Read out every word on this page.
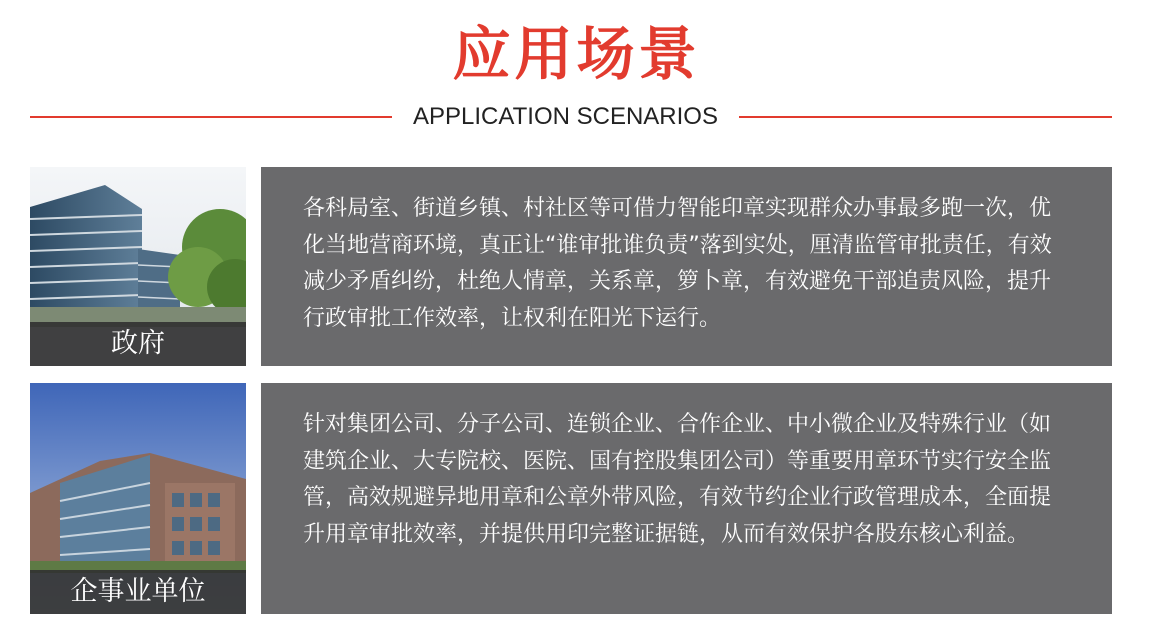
应用场景
APPLICATION SCENARIOS
政府
各科局室、街道乡镇、村社区等可借力智能印章实现群众办事最多跑一次，优化当地营商环境，真正让“谁审批谁负责”落到实处，厘清监管审批责任，有效减少矛盾纠纷，杜绝人情章，关系章，箩卜章，有效避免干部追责风险，提升行政审批工作效率，让权利在阳光下运行。
企事业单位
针对集团公司、分子公司、连锁企业、合作企业、中小微企业及特殊行业（如建筑企业、大专院校、医院、国有控股集团公司）等重要用章环节实行安全监管，高效规避异地用章和公章外带风险，有效节约企业行政管理成本，全面提升用章审批效率，并提供用印完整证据链，从而有效保护各股东核心利益。
